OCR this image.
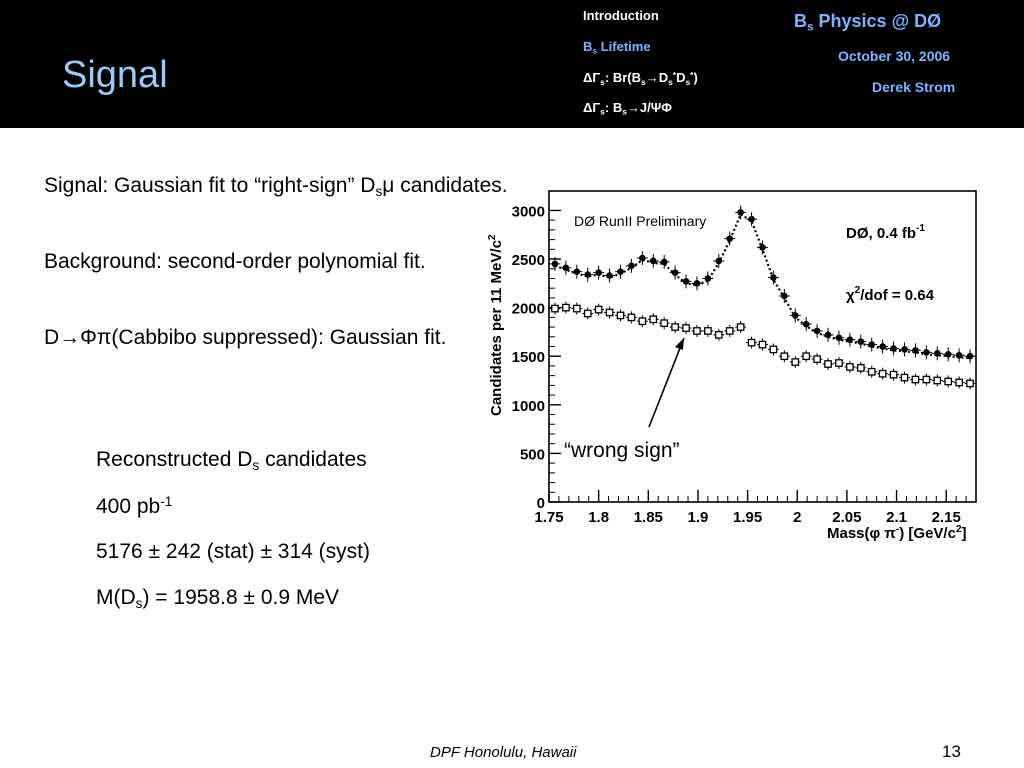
Signal
Introduction
$B_s$ Lifetime
$\Delta\Gamma_s$: $Br(B_s\to D_s^*D_s^*)$
$\Delta\Gamma_s$: $B_s\to J/\Psi\Phi$
$B_s$ Physics @ DØ
October 30, 2006
Derek Strom
Signal: Gaussian fit to “right-sign” $D_s\mu$ candidates.
Background: second-order polynomial fit.
D→Φπ(Cabbibo suppressed): Gaussian fit.
Reconstructed $D_s$ candidates
400 $pb^{-1}$
5176 ± 242 (stat) ± 314 (syst)
$M(D_s) = 1958.8 \pm 0.9$ MeV
0
500
1000
1500
2000
2500
3000
1.75 1.8 1.85 1.9 1.95 2 2.05 2.1 2.15
DØ RunII Preliminary
DØ, 0.4 $fb^{-1}$
$\chi^2$/dof = 0.64
Candidates per 11 MeV/$c^2$
Mass(φ π-) $[GeV/c^2]$
“wrong sign”
DPF Honolulu, Hawaii	13
